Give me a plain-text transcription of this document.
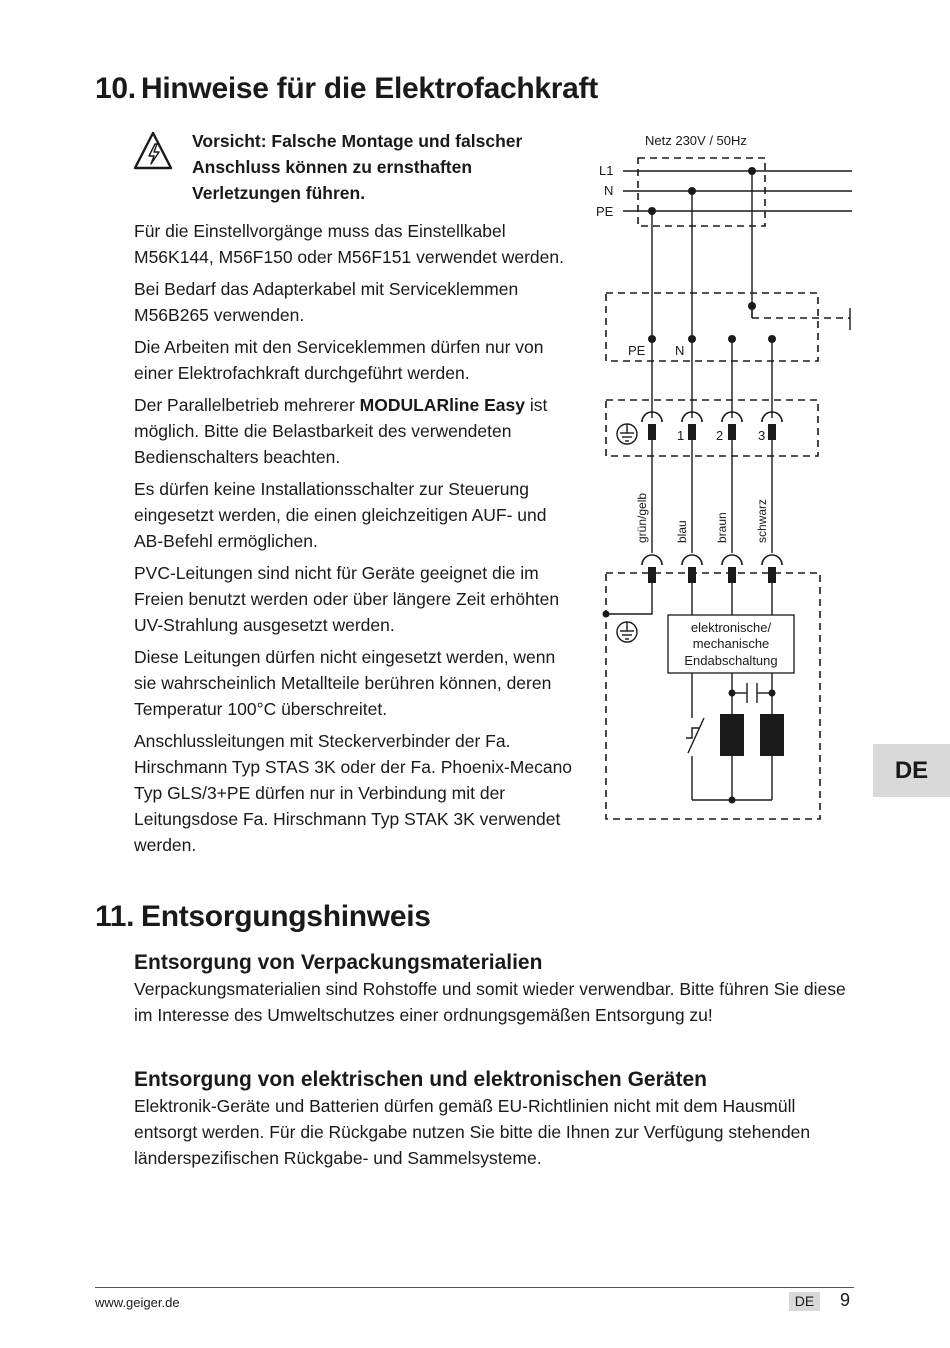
10. Hinweise für die Elektrofachkraft
Vorsicht: Falsche Montage und falscher Anschluss können zu ernsthaften Verletzungen führen.

Für die Einstellvorgänge muss das Einstellkabel M56K144, M56F150 oder M56F151 verwendet werden.

Bei Bedarf das Adapterkabel mit Serviceklemmen M56B265 verwenden.

Die Arbeiten mit den Serviceklemmen dürfen nur von einer Elektrofachkraft durchgeführt werden.

Der Parallelbetrieb mehrerer MODULARline Easy ist möglich. Bitte die Belastbarkeit des verwendeten Bedienschalters beachten.

Es dürfen keine Installationsschalter zur Steuerung eingesetzt werden, die einen gleichzeitigen AUF- und AB-Befehl ermöglichen.

PVC-Leitungen sind nicht für Geräte geeignet die im Freien benutzt werden oder über längere Zeit erhöhten UV-Strahlung ausgesetzt werden.

Diese Leitungen dürfen nicht eingesetzt werden, wenn sie wahrscheinlich Metallteile berühren können, deren Temperatur 100°C überschreitet.

Anschlussleitungen mit Steckerverbinder der Fa. Hirschmann Typ STAS 3K oder der Fa. Phoenix-Mecano Typ GLS/3+PE dürfen nur in Verbindung mit der Leitungsdose Fa. Hirschmann Typ STAK 3K verwendet werden.

Netz 230V / 50Hz
L1
N
PE
PE N
1 2	3
grün/gelb blau braun schwarz
elektronische/
mechanische
Endabschaltung
DE
11. Entsorgungshinweis
Entsorgung von Verpackungsmaterialien

Verpackungsmaterialien sind Rohstoffe und somit wieder verwendbar. Bitte führen Sie diese im Interesse des Umweltschutzes einer ordnungsgemäßen Entsorgung zu!

Entsorgung von elektrischen und elektronischen Geräten

Elektronik-Geräte und Batterien dürfen gemäß EU-Richtlinien nicht mit dem Hausmüll entsorgt werden. Für die Rückgabe nutzen Sie bitte die Ihnen zur Verfügung stehenden länderspezifischen Rückgabe- und Sammelsysteme.

www.geiger.de	DE	9
